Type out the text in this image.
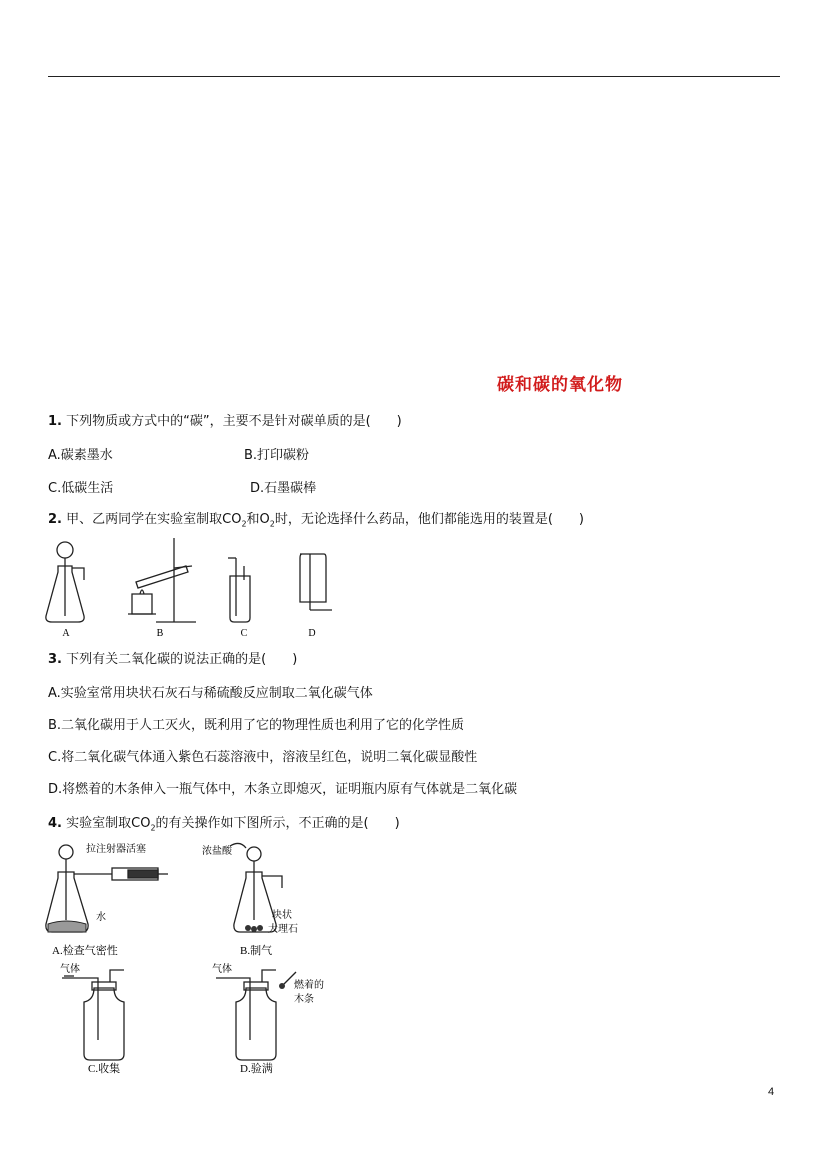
碳和碳的氧化物
1. 下列物质或方式中的“碳”，主要不是针对碳单质的是(　　)
A.碳素墨水	B.打印碳粉
C.低碳生活	D.石墨碳棒
2. 甲、乙两同学在实验室制取$CO_2$和$O_2$时，无论选择什么药品，他们都能选用的装置是(　　)
A	B	C	D
3. 下列有关二氧化碳的说法正确的是(　　)
A.实验室常用块状石灰石与稀硫酸反应制取二氧化碳气体
B.二氧化碳用于人工灭火，既利用了它的物理性质也利用了它的化学性质
C.将二氧化碳气体通入紫色石蕊溶液中，溶液呈红色，说明二氧化碳显酸性
D.将燃着的木条伸入一瓶气体中，木条立即熄灭，证明瓶内原有气体就是二氧化碳
4. 实验室制取$CO_2$的有关操作如下图所示，不正确的是(　　)
拉注射器活塞
水
A.检查气密性
浓盐酸
块状
大理石
B.制气
气体
C.收集
气体
燃着的
木条
D.验满
4
